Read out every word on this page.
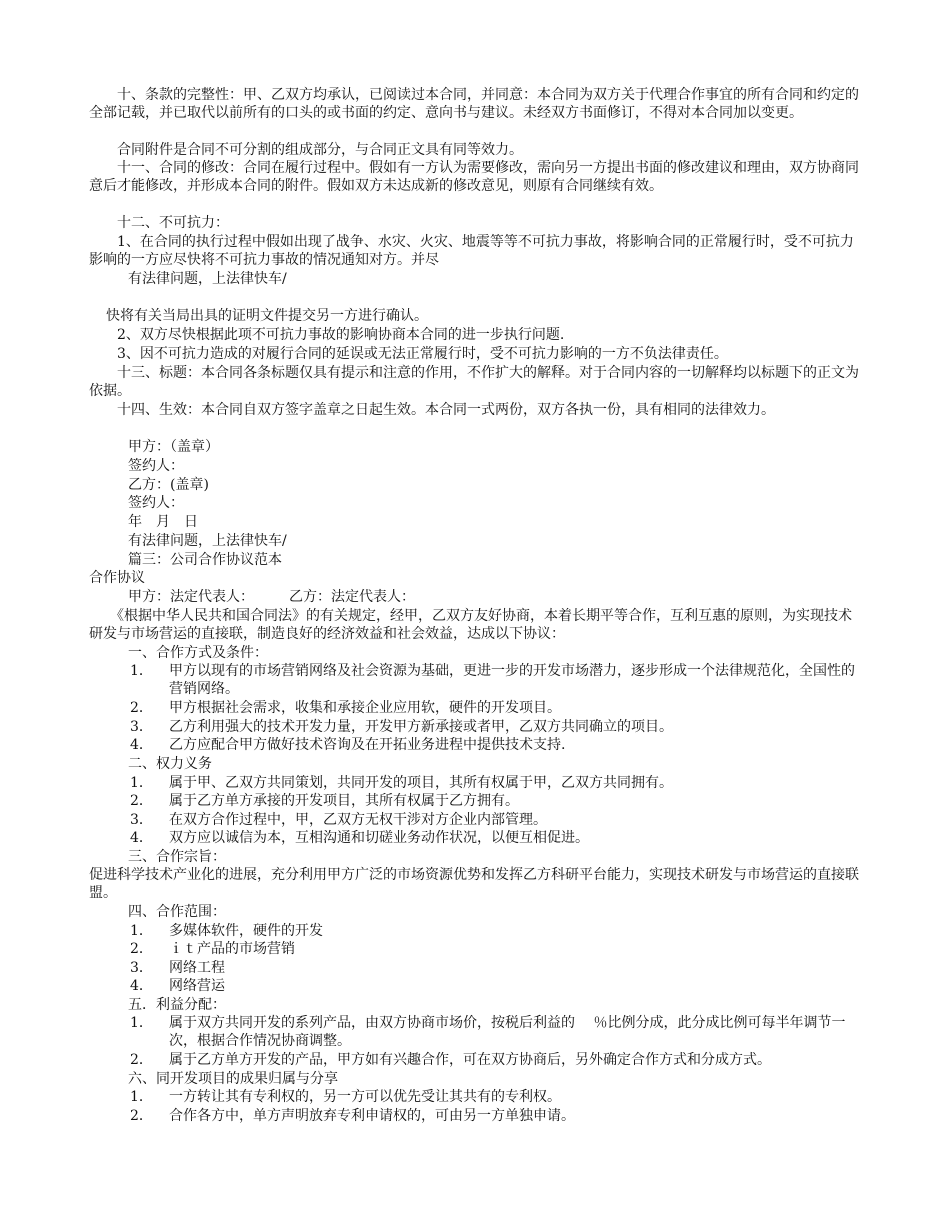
　　十、条款的完整性：甲、乙双方均承认，已阅读过本合同，并同意：本合同为双方关于代理合作事宜的所有合同和约定的全部记载，并已取代以前所有的口头的或书面的约定、意向书与建议。未经双方书面修订，不得对本合同加以变更。

　　合同附件是合同不可分割的组成部分，与合同正文具有同等效力。

　　十一、合同的修改：合同在履行过程中。假如有一方认为需要修改，需向另一方提出书面的修改建议和理由，双方协商同意后才能修改，并形成本合同的附件。假如双方未达成新的修改意见，则原有合同继续有效。

　　十二、不可抗力：

　　1、在合同的执行过程中假如出现了战争、水灾、火灾、地震等等不可抗力事故，将影响合同的正常履行时，受不可抗力影响的一方应尽快将不可抗力事故的情况通知对方。并尽

有法律问题，上法律快车/

快将有关当局出具的证明文件提交另一方进行确认。

　　2、双方尽快根据此项不可抗力事故的影响协商本合同的进一步执行问题.

　　3、因不可抗力造成的对履行合同的延误或无法正常履行时，受不可抗力影响的一方不负法律责任。

　　十三、标题：本合同各条标题仅具有提示和注意的作用，不作扩大的解释。对于合同内容的一切解释均以标题下的正文为依据。

　　十四、生效：本合同自双方签字盖章之日起生效。本合同一式两份，双方各执一份，具有相同的法律效力。

甲方：（盖章）

签约人：

乙方：(盖章)

签约人：

年　月　日

有法律问题，上法律快车/

篇三：公司合作协议范本

合作协议

甲方：法定代表人：　　　乙方：法定代表人：

　　《根据中华人民共和国合同法》的有关规定，经甲，乙双方友好协商，本着长期平等合作，互利互惠的原则，为实现技术研发与市场营运的直接联，制造良好的经济效益和社会效益，达成以下协议：

一、合作方式及条件：

1．	甲方以现有的市场营销网络及社会资源为基础，更进一步的开发市场潜力，逐步形成一个法律规范化，全国性的营销网络。
2．	甲方根据社会需求，收集和承接企业应用软，硬件的开发项目。
3．	乙方利用强大的技术开发力量，开发甲方新承接或者甲，乙双方共同确立的项目。
4．	乙方应配合甲方做好技术咨询及在开拓业务进程中提供技术支持.

二、权力义务

1．	属于甲、乙双方共同策划，共同开发的项目，其所有权属于甲，乙双方共同拥有。
2．	属于乙方单方承接的开发项目，其所有权属于乙方拥有。
3．	在双方合作过程中，甲，乙双方无权干涉对方企业内部管理。
4．	双方应以诚信为本，互相沟通和切磋业务动作状况，以便互相促进。

三、合作宗旨：

促进科学技术产业化的进展，充分利用甲方广泛的市场资源优势和发挥乙方科研平台能力，实现技术研发与市场营运的直接联盟。

四、合作范围：

1．	多媒体软件，硬件的开发
2．	ｉｔ产品的市场营销
3．	网络工程
4．	网络营运

五．利益分配：

1．	属于双方共同开发的系列产品，由双方协商市场价，按税后利益的　 ％比例分成，此分成比例可每半年调节一次，根据合作情况协商调整。
2．	属于乙方单方开发的产品，甲方如有兴趣合作，可在双方协商后，另外确定合作方式和分成方式。

六、同开发项目的成果归属与分享

1．	一方转让其有专利权的，另一方可以优先受让其共有的专利权。
2．	合作各方中，单方声明放弃专利申请权的，可由另一方单独申请。
